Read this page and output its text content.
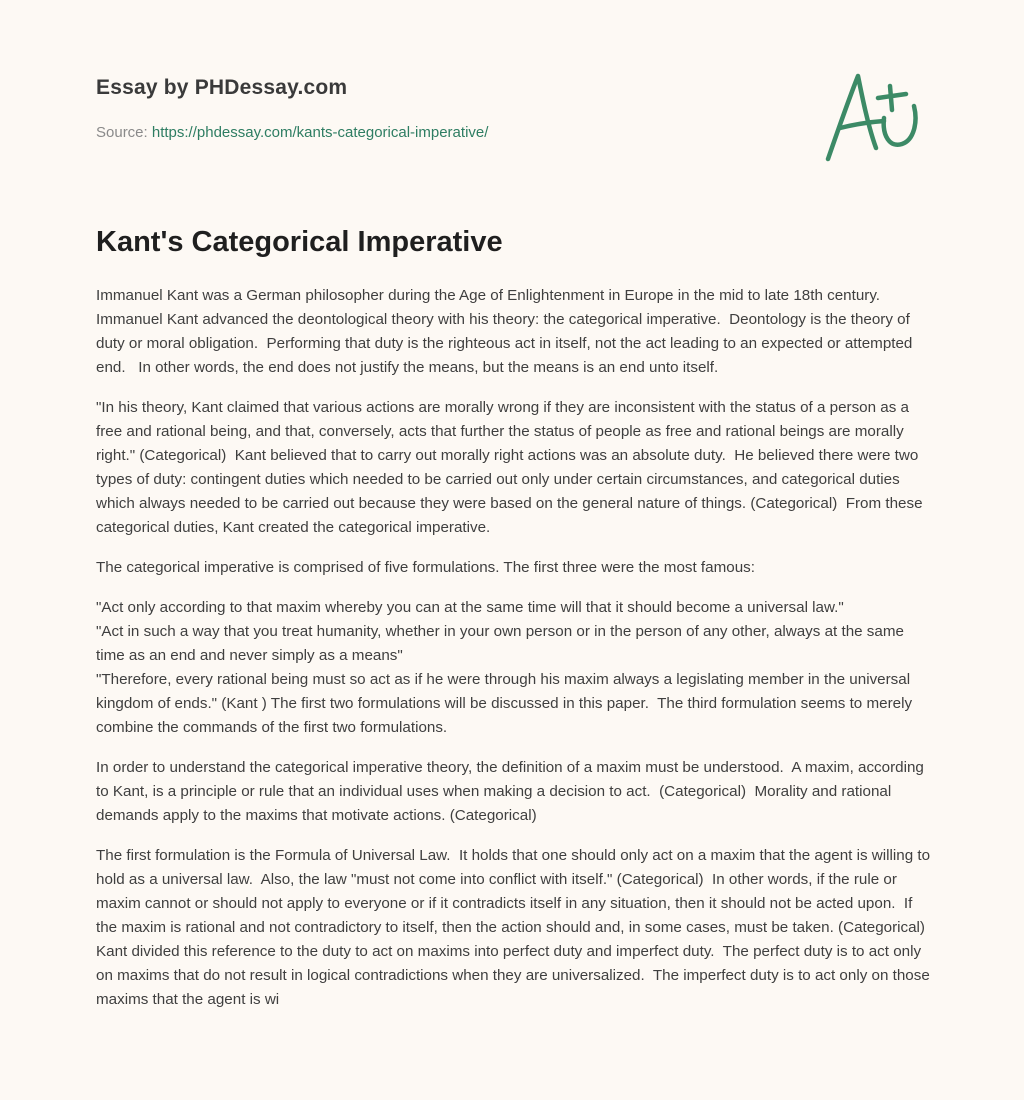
Essay by PHDessay.com
Source: https://phdessay.com/kants-categorical-imperative/
Kant's Categorical Imperative

Immanuel Kant was a German philosopher during the Age of Enlightenment in Europe in the mid to late 18th century.  Immanuel Kant advanced the deontological theory with his theory: the categorical imperative.  Deontology is the theory of duty or moral obligation.  Performing that duty is the righteous act in itself, not the act leading to an expected or attempted end.   In other words, the end does not justify the means, but the means is an end unto itself.

"In his theory, Kant claimed that various actions are morally wrong if they are inconsistent with the status of a person as a free and rational being, and that, conversely, acts that further the status of people as free and rational beings are morally right." (Categorical)  Kant believed that to carry out morally right actions was an absolute duty.  He believed there were two types of duty: contingent duties which needed to be carried out only under certain circumstances, and categorical duties which always needed to be carried out because they were based on the general nature of things. (Categorical)  From these categorical duties, Kant created the categorical imperative.

The categorical imperative is comprised of five formulations. The first three were the most famous:

"Act only according to that maxim whereby you can at the same time will that it should become a universal law."

"Act in such a way that you treat humanity, whether in your own person or in the person of any other, always at the same time as an end and never simply as a means"

"Therefore, every rational being must so act as if he were through his maxim always a legislating member in the universal kingdom of ends." (Kant ) The first two formulations will be discussed in this paper.  The third formulation seems to merely combine the commands of the first two formulations.

In order to understand the categorical imperative theory, the definition of a maxim must be understood.  A maxim, according to Kant, is a principle or rule that an individual uses when making a decision to act.  (Categorical)  Morality and rational demands apply to the maxims that motivate actions. (Categorical)

The first formulation is the Formula of Universal Law.  It holds that one should only act on a maxim that the agent is willing to hold as a universal law.  Also, the law "must not come into conflict with itself." (Categorical)  In other words, if the rule or maxim cannot or should not apply to everyone or if it contradicts itself in any situation, then it should not be acted upon.  If the maxim is rational and not contradictory to itself, then the action should and, in some cases, must be taken. (Categorical)  Kant divided this reference to the duty to act on maxims into perfect duty and imperfect duty.  The perfect duty is to act only on maxims that do not result in logical contradictions when they are universalized.  The imperfect duty is to act only on those maxims that the agent is wi
